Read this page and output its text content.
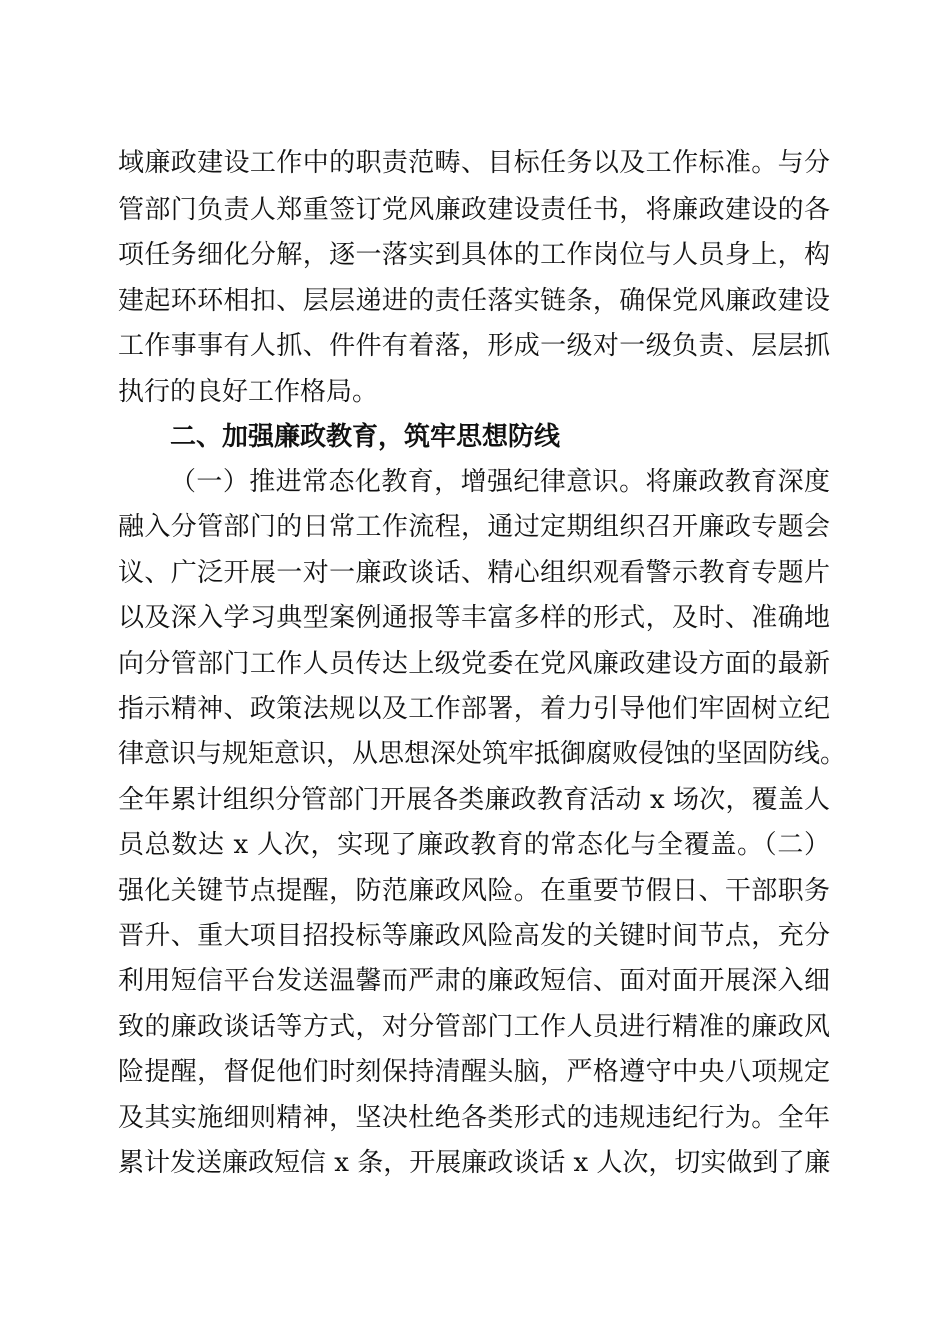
域廉政建设工作中的职责范畴、目标任务以及工作标准。与分
管部门负责人郑重签订党风廉政建设责任书，将廉政建设的各
项任务细化分解，逐一落实到具体的工作岗位与人员身上，构
建起环环相扣、层层递进的责任落实链条，确保党风廉政建设
工作事事有人抓、件件有着落，形成一级对一级负责、层层抓
执行的良好工作格局。
二、加强廉政教育，筑牢思想防线
（一）推进常态化教育，增强纪律意识。将廉政教育深度
融入分管部门的日常工作流程，通过定期组织召开廉政专题会
议、广泛开展一对一廉政谈话、精心组织观看警示教育专题片
以及深入学习典型案例通报等丰富多样的形式，及时、准确地
向分管部门工作人员传达上级党委在党风廉政建设方面的最新
指示精神、政策法规以及工作部署，着力引导他们牢固树立纪
律意识与规矩意识，从思想深处筑牢抵御腐败侵蚀的坚固防线。
全年累计组织分管部门开展各类廉政教育活动 x 场次，覆盖人
员总数达 x 人次，实现了廉政教育的常态化与全覆盖。（二）
强化关键节点提醒，防范廉政风险。在重要节假日、干部职务
晋升、重大项目招投标等廉政风险高发的关键时间节点，充分
利用短信平台发送温馨而严肃的廉政短信、面对面开展深入细
致的廉政谈话等方式，对分管部门工作人员进行精准的廉政风
险提醒，督促他们时刻保持清醒头脑，严格遵守中央八项规定
及其实施细则精神，坚决杜绝各类形式的违规违纪行为。全年
累计发送廉政短信 x 条，开展廉政谈话 x 人次，切实做到了廉
